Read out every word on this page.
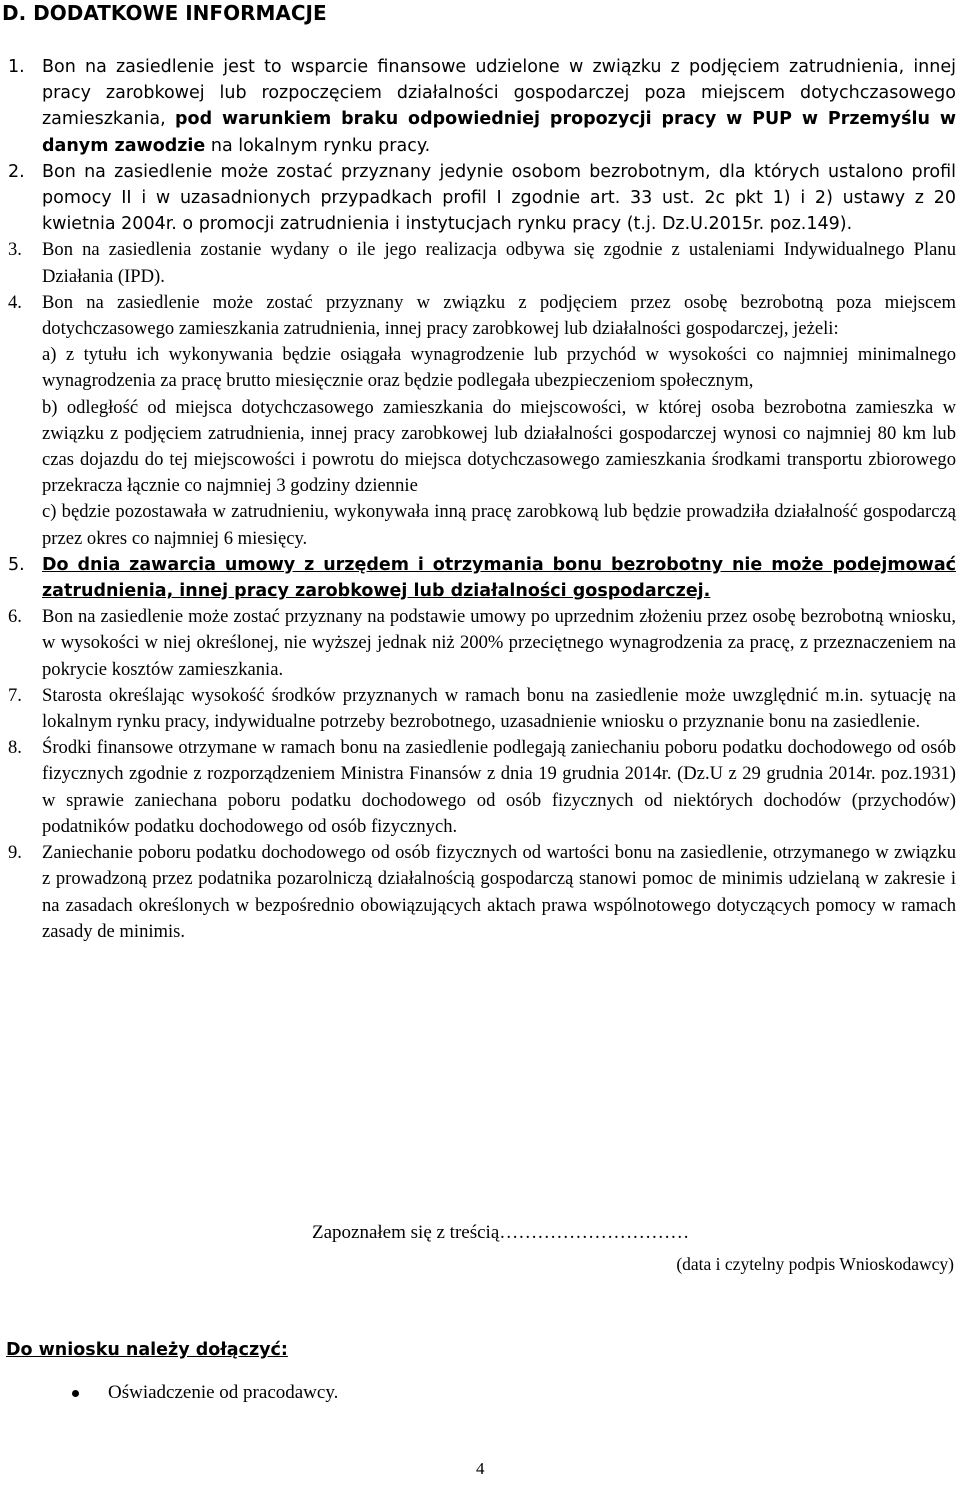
D. DODATKOWE INFORMACJE
1. Bon na zasiedlenie jest to wsparcie finansowe udzielone w związku z podjęciem zatrudnienia, innej pracy zarobkowej lub rozpoczęciem działalności gospodarczej poza miejscem dotychczasowego zamieszkania, pod warunkiem braku odpowiedniej propozycji pracy w PUP w Przemyślu w danym zawodzie na lokalnym rynku pracy.

2. Bon na zasiedlenie może zostać przyznany jedynie osobom bezrobotnym, dla których ustalono profil pomocy II i w uzasadnionych przypadkach profil I zgodnie art. 33 ust. 2c pkt 1) i 2) ustawy z 20 kwietnia 2004r. o promocji zatrudnienia i instytucjach rynku pracy (t.j. Dz.U.2015r. poz.149).

3. Bon na zasiedlenia zostanie wydany o ile jego realizacja odbywa się zgodnie z ustaleniami Indywidualnego Planu Działania (IPD).

4. Bon na zasiedlenie może zostać przyznany w związku z podjęciem przez osobę bezrobotną poza miejscem dotychczasowego zamieszkania zatrudnienia, innej pracy zarobkowej lub działalności gospodarczej, jeżeli:

a) z tytułu ich wykonywania będzie osiągała wynagrodzenie lub przychód w wysokości co najmniej minimalnego wynagrodzenia za pracę brutto miesięcznie oraz będzie podlegała ubezpieczeniom społecznym,

b) odległość od miejsca dotychczasowego zamieszkania do miejscowości, w której osoba bezrobotna zamieszka w związku z podjęciem zatrudnienia, innej pracy zarobkowej lub działalności gospodarczej wynosi co najmniej 80 km lub czas dojazdu do tej miejscowości i powrotu do miejsca dotychczasowego zamieszkania środkami transportu zbiorowego przekracza łącznie co najmniej 3 godziny dziennie

c) będzie pozostawała w zatrudnieniu, wykonywała inną pracę zarobkową lub będzie prowadziła działalność gospodarczą przez okres co najmniej 6 miesięcy.

5. Do dnia zawarcia umowy z urzędem i otrzymania bonu bezrobotny nie może podejmować zatrudnienia, innej pracy zarobkowej lub działalności gospodarczej.

6. Bon na zasiedlenie może zostać przyznany na podstawie umowy po uprzednim złożeniu przez osobę bezrobotną wniosku, w wysokości w niej określonej, nie wyższej jednak niż 200% przeciętnego wynagrodzenia za pracę, z przeznaczeniem na pokrycie kosztów zamieszkania.

7. Starosta określając wysokość środków przyznanych w ramach bonu na zasiedlenie może uwzględnić m.in. sytuację na lokalnym rynku pracy, indywidualne potrzeby bezrobotnego, uzasadnienie wniosku o przyznanie bonu na zasiedlenie.

8. Środki finansowe otrzymane w ramach bonu na zasiedlenie podlegają zaniechaniu poboru podatku dochodowego od osób fizycznych zgodnie z rozporządzeniem Ministra Finansów z dnia 19 grudnia 2014r. (Dz.U z 29 grudnia 2014r. poz.1931) w sprawie zaniechana poboru podatku dochodowego od osób fizycznych od niektórych dochodów (przychodów) podatników podatku dochodowego od osób fizycznych.

9. Zaniechanie poboru podatku dochodowego od osób fizycznych od wartości bonu na zasiedlenie, otrzymanego w związku z prowadzoną przez podatnika pozarolniczą działalnością gospodarczą stanowi pomoc de minimis udzielaną w zakresie i na zasadach określonych w bezpośrednio obowiązujących aktach prawa wspólnotowego dotyczących pomocy w ramach zasady de minimis.

Zapoznałem się z treścią…………………………

(data i czytelny podpis Wnioskodawcy)

Do wniosku należy dołączyć:

Oświadczenie od pracodawcy.

4
